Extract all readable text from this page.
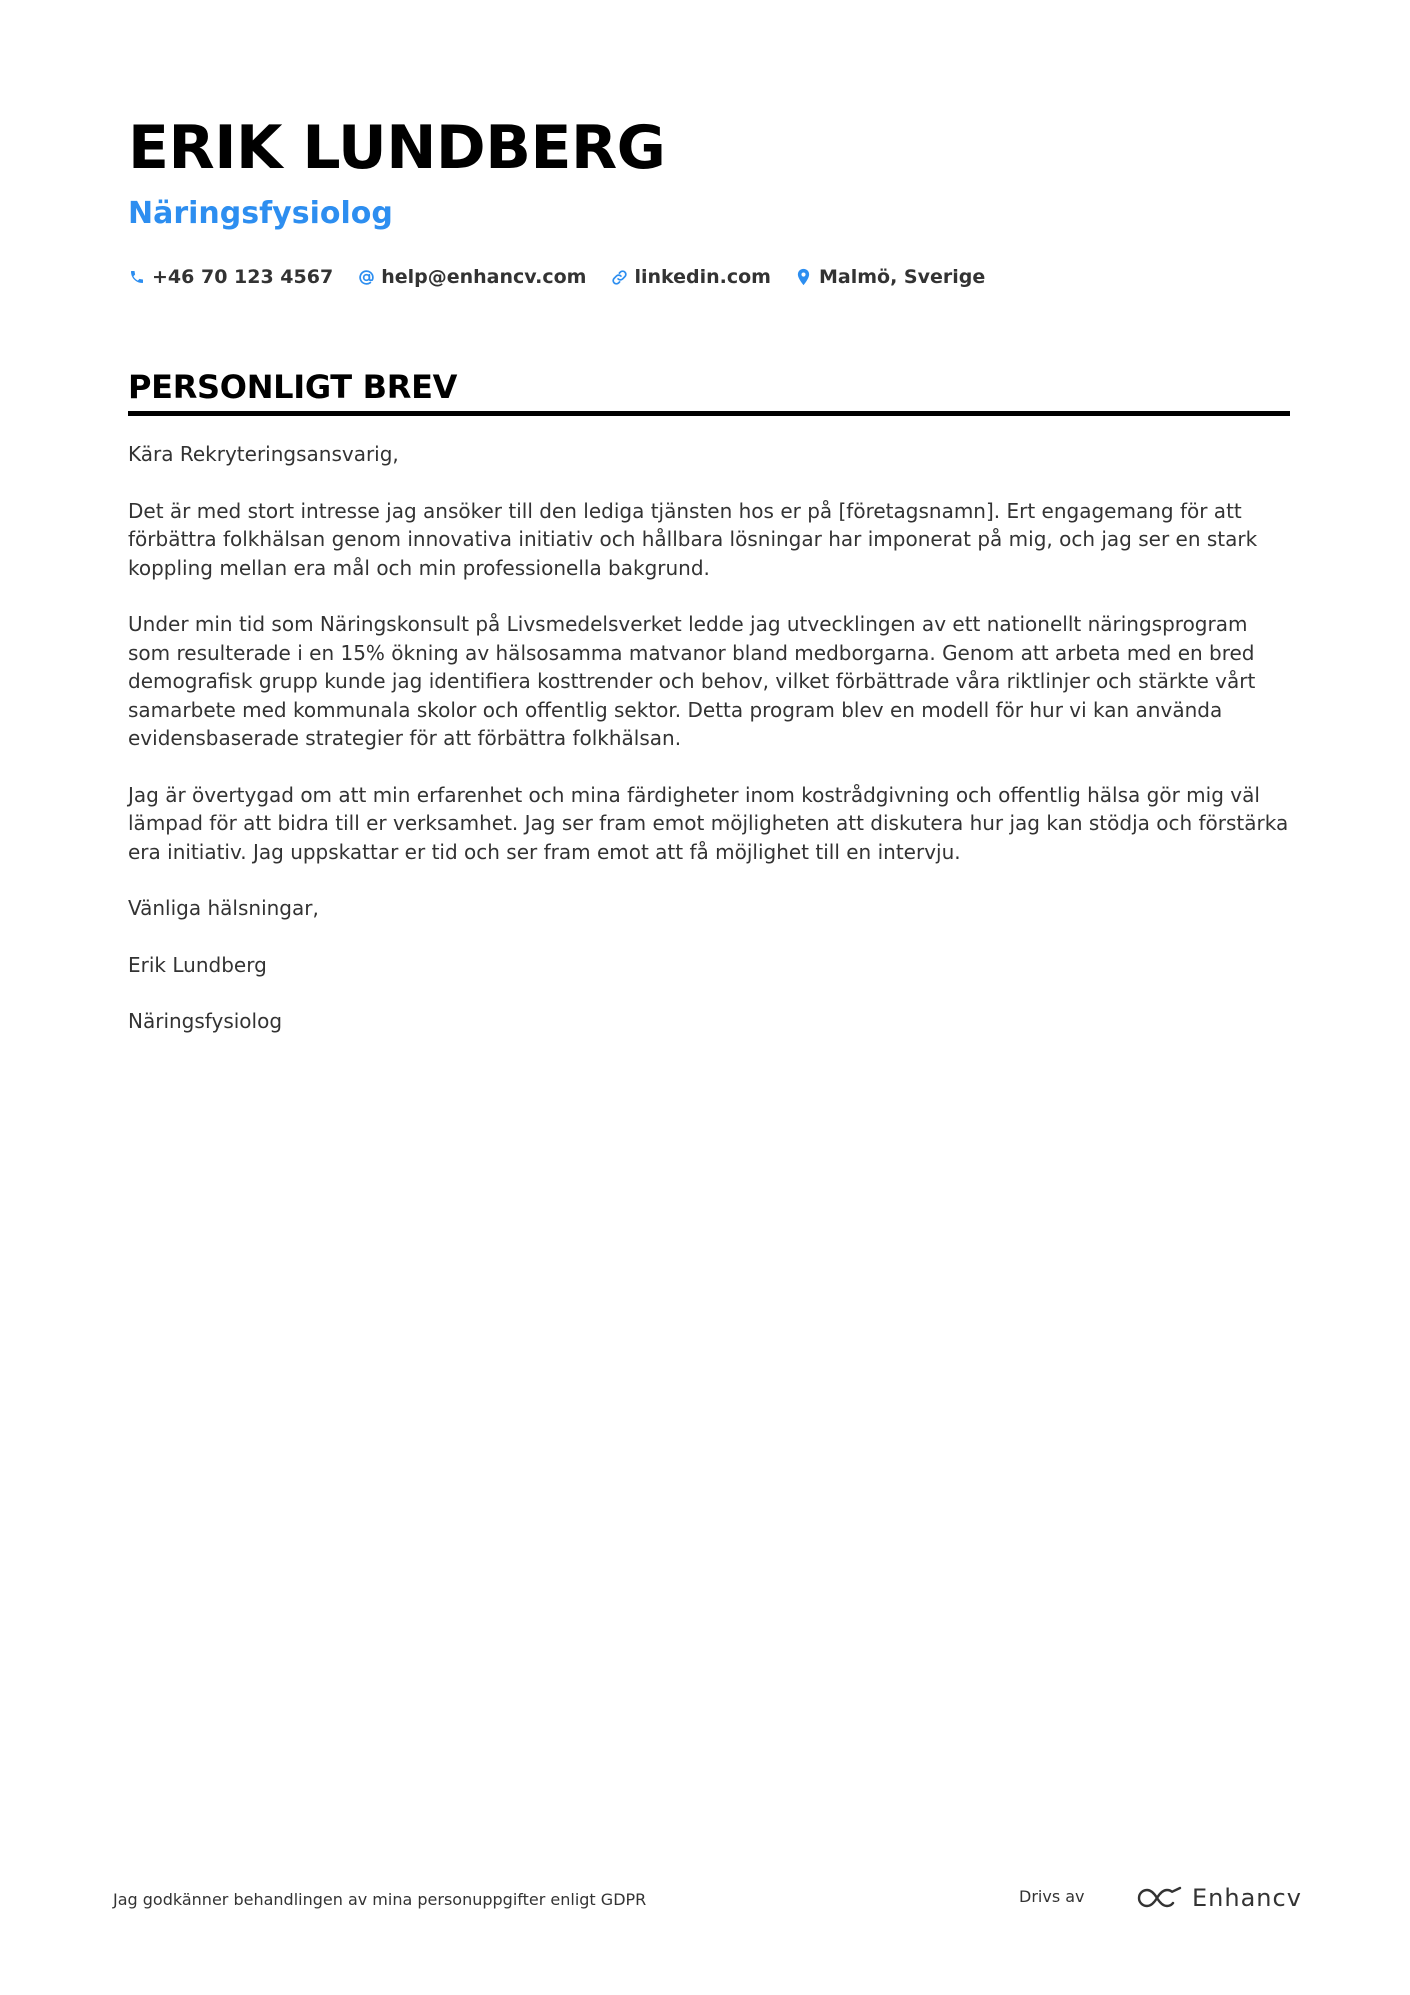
ERIK LUNDBERG
Näringsfysiolog
+46 70 123 4567	help@enhancv.com	linkedin.com	Malmö, Sverige
PERSONLIGT BREV

Kära Rekryteringsansvarig,

Det är med stort intresse jag ansöker till den lediga tjänsten hos er på [företagsnamn]. Ert engagemang för att förbättra folkhälsan genom innovativa initiativ och hållbara lösningar har imponerat på mig, och jag ser en stark koppling mellan era mål och min professionella bakgrund.

Under min tid som Näringskonsult på Livsmedelsverket ledde jag utvecklingen av ett nationellt näringsprogram som resulterade i en 15% ökning av hälsosamma matvanor bland medborgarna. Genom att arbeta med en bred demografisk grupp kunde jag identifiera kosttrender och behov, vilket förbättrade våra riktlinjer och stärkte vårt samarbete med kommunala skolor och offentlig sektor. Detta program blev en modell för hur vi kan använda evidensbaserade strategier för att förbättra folkhälsan.

Jag är övertygad om att min erfarenhet och mina färdigheter inom kostrådgivning och offentlig hälsa gör mig väl lämpad för att bidra till er verksamhet. Jag ser fram emot möjligheten att diskutera hur jag kan stödja och förstärka era initiativ. Jag uppskattar er tid och ser fram emot att få möjlighet till en intervju.

Vänliga hälsningar,

Erik Lundberg

Näringsfysiolog

Jag godkänner behandlingen av mina personuppgifter enligt GDPR	Drivs av	Enhancv
